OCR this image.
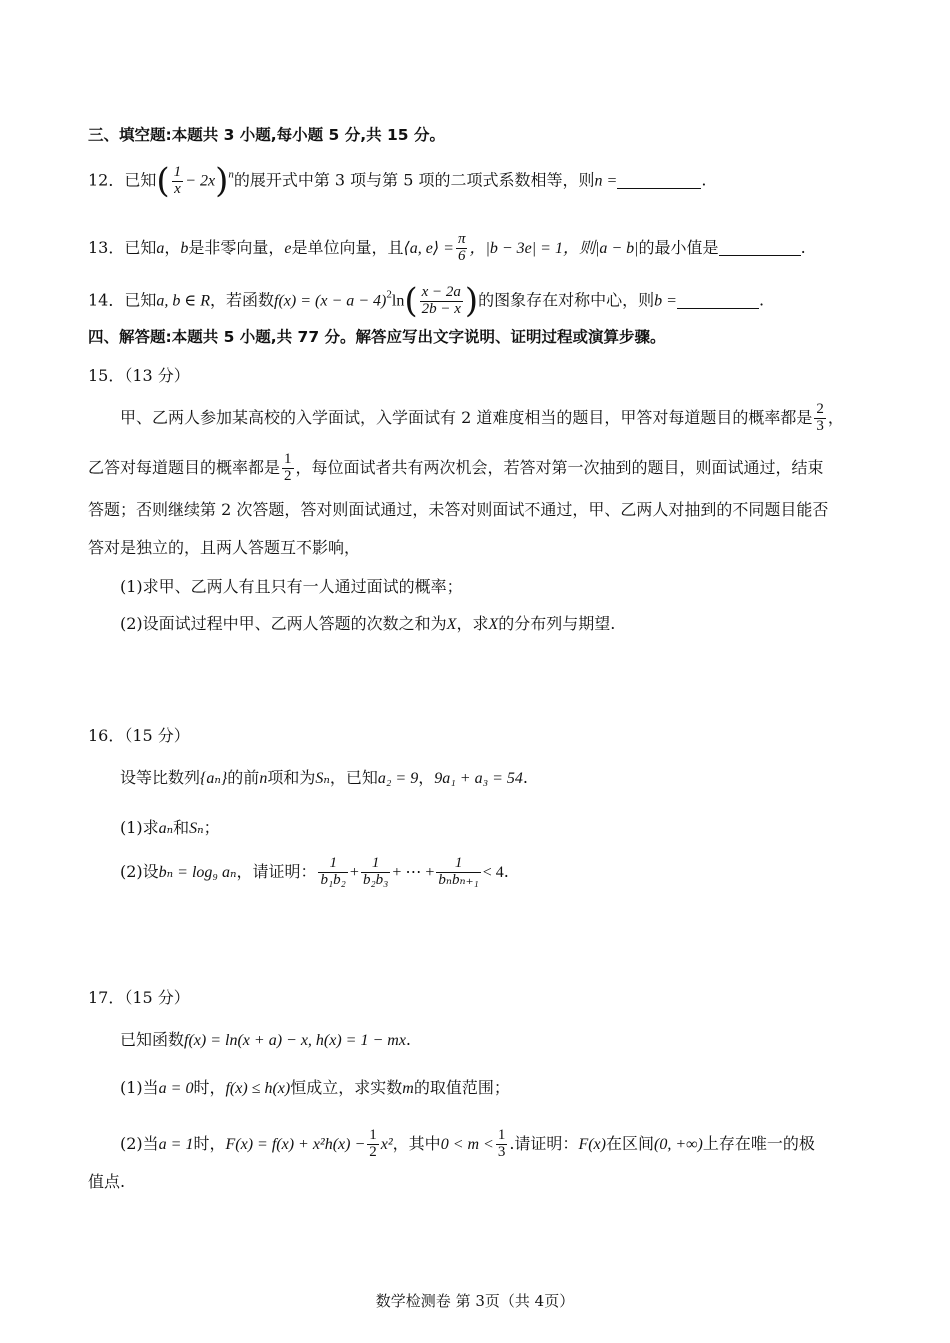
三、填空题:本题共 3 小题,每小题 5 分,共 15 分。
12．已知( $\frac{1}{x} - 2x)^n$的展开式中第 3 项与第 5 项的二项式系数相等，则n =	.
13．已知a，b是非零向量，e是单位向量，且⟨a, e⟩ = $\frac{\pi}{6}$ ，|b − 3e| = 1，则|a − b|的最小值是	.
14．已知a, b ∈ R，若函数$f(x) = (x - a - 4)^2\ln( \frac{x - 2a}{2b - x}$ )的图象存在对称中心，则b =	.
四、解答题:本题共 5 小题,共 77 分。解答应写出文字说明、证明过程或演算步骤。
15．（13 分）
甲、乙两人参加某高校的入学面试，入学面试有 2 道难度相当的题目，甲答对每道题目的概率都是 $\frac{2}{3}$ ，
乙答对每道题目的概率都是 $\frac{1}{2}$ ，每位面试者共有两次机会，若答对第一次抽到的题目，则面试通过，结束
答题；否则继续第 2 次答题，答对则面试通过，未答对则面试不通过，甲、乙两人对抽到的不同题目能否
答对是独立的，且两人答题互不影响，
(1)求甲、乙两人有且只有一人通过面试的概率；
(2)设面试过程中甲、乙两人答题的次数之和为X，求X的分布列与期望.
16．（15 分）
设等比数列{aₙ}的前n项和为Sₙ，已知a₂ = 9，9a₁ + a₃ = 54.
(1)求aₙ和Sₙ；
(2)设bₙ = log₉ aₙ，请证明： $\frac{1}{\text{b₁b₂}} + \frac{1}{\text{b₂b₃}}$ + ⋯ + $\frac{1}{\text{bₙbₙ₊₁}} < 4$.
17．（15 分）
已知函数f(x) = ln(x + a) − x, h(x) = 1 − mx.
(1)当a = 0时，f(x) ≤ h(x)恒成立，求实数m的取值范围；
(2)当a = 1时，$F(x) = f(x) + x^2h(x) - \frac{1}{2} x^2$，其中$0 < m < \frac{1}{3}$ .请证明：F(x)在区间(0, +∞)上存在唯一的极
值点.
数学检测卷 第 3页（共 4页）
